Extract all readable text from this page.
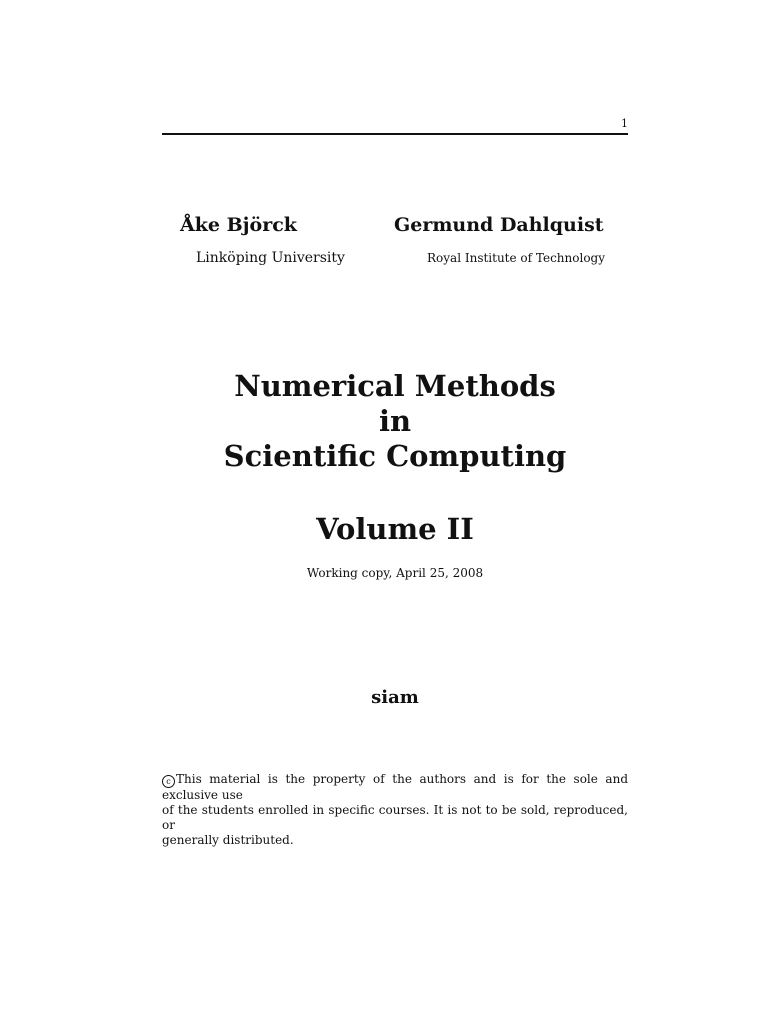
1
Åke Björck
Linköping University
Germund Dahlquist
Royal Institute of Technology
Numerical Methods
in
Scientific Computing
Volume II
Working copy, April 25, 2008
siam
c This material is the property of the authors and is for the sole and exclusive use
of the students enrolled in specific courses. It is not to be sold, reproduced, or
generally distributed.
